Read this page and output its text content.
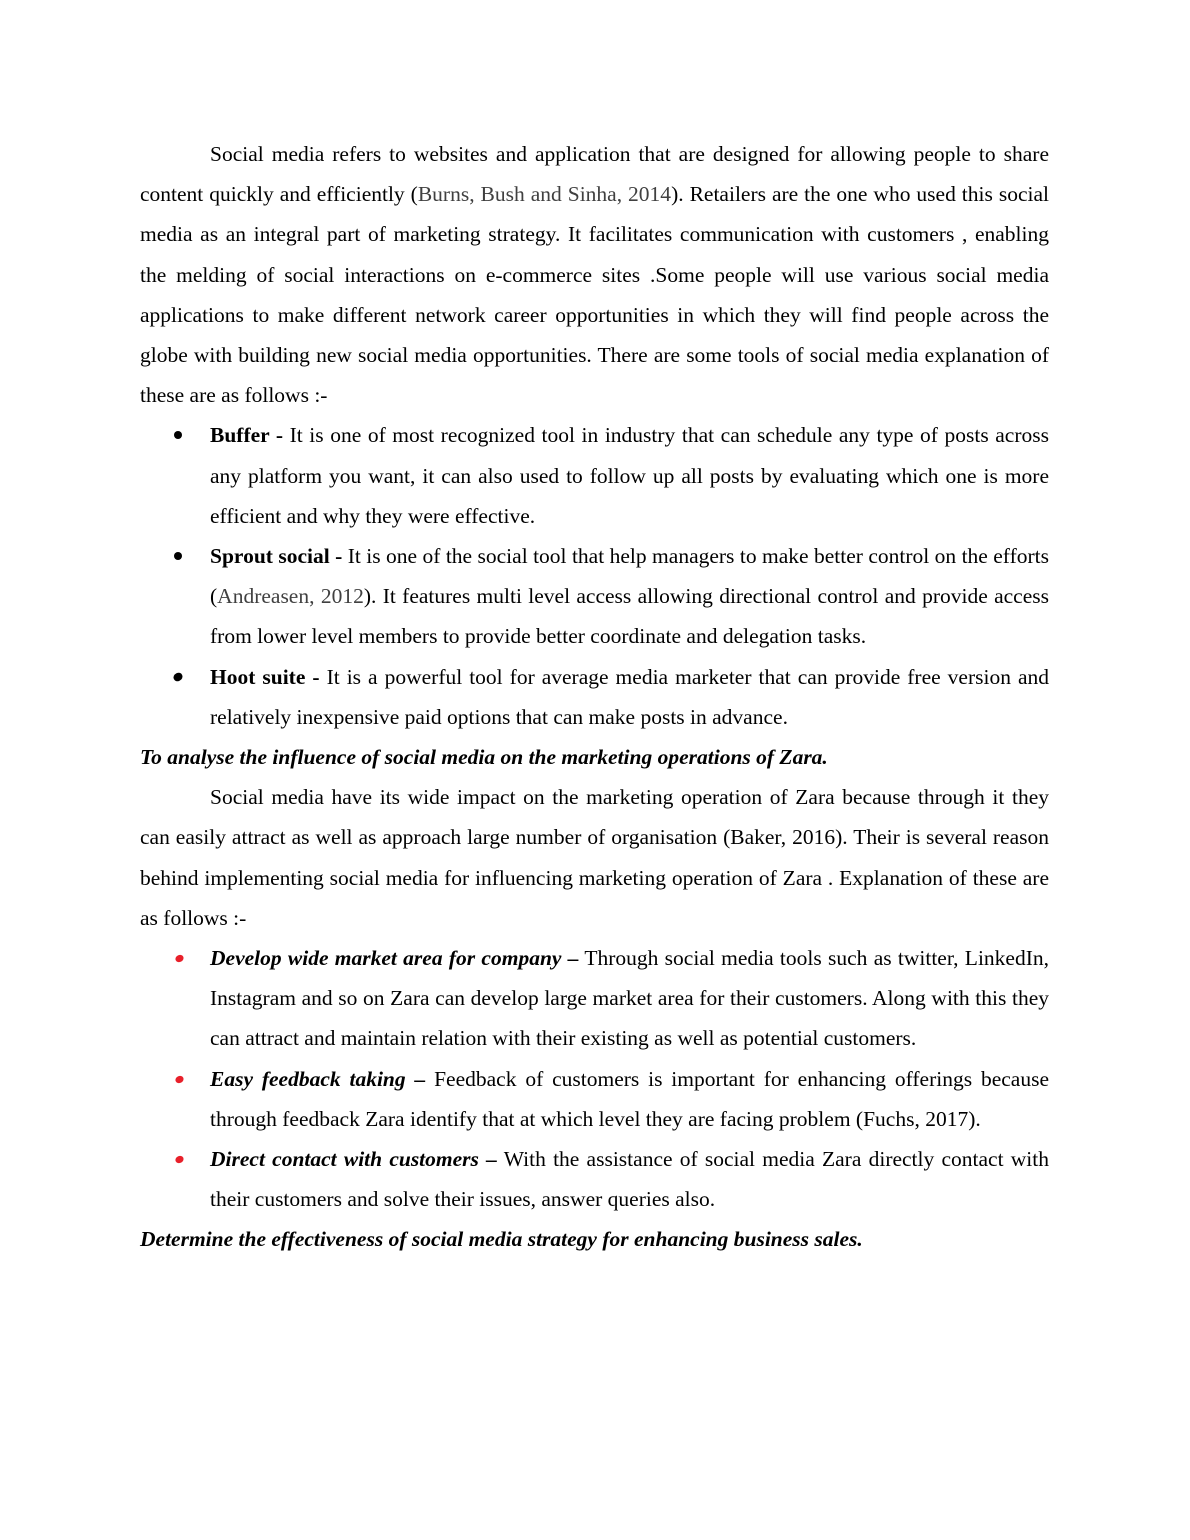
Social media refers to websites and application that are designed for allowing people to share content quickly and efficiently (Burns, Bush and Sinha, 2014). Retailers are the one who used this social media as an integral part of marketing strategy. It facilitates communication with customers , enabling the melding of social interactions on e-commerce sites .Some people will use various social media applications to make different network career opportunities in which they will find people across the globe with building new social media opportunities. There are some tools of social media explanation of these are as follows :-

Buffer - It is one of most recognized tool in industry that can schedule any type of posts across any platform you want, it can also used to follow up all posts by evaluating which one is more efficient and why they were effective.
Sprout social - It is one of the social tool that help managers to make better control on the efforts (Andreasen, 2012). It features multi level access allowing directional control and provide access from lower level members to provide better coordinate and delegation tasks.
Hoot suite - It is a powerful tool for average media marketer that can provide free version and relatively inexpensive paid options that can make posts in advance.

To analyse the influence of social media on the marketing operations of Zara.

Social media have its wide impact on the marketing operation of Zara because through it they can easily attract as well as approach large number of organisation (Baker, 2016). Their is several reason behind implementing social media for influencing marketing operation of Zara . Explanation of these are as follows :-

Develop wide market area for company – Through social media tools such as twitter, LinkedIn, Instagram and so on Zara can develop large market area for their customers. Along with this they can attract and maintain relation with their existing as well as potential customers.
Easy feedback taking – Feedback of customers is important for enhancing offerings because through feedback Zara identify that at which level they are facing problem (Fuchs, 2017).
Direct contact with customers – With the assistance of social media Zara directly contact with their customers and solve their issues, answer queries also.

Determine the effectiveness of social media strategy for enhancing business sales.
